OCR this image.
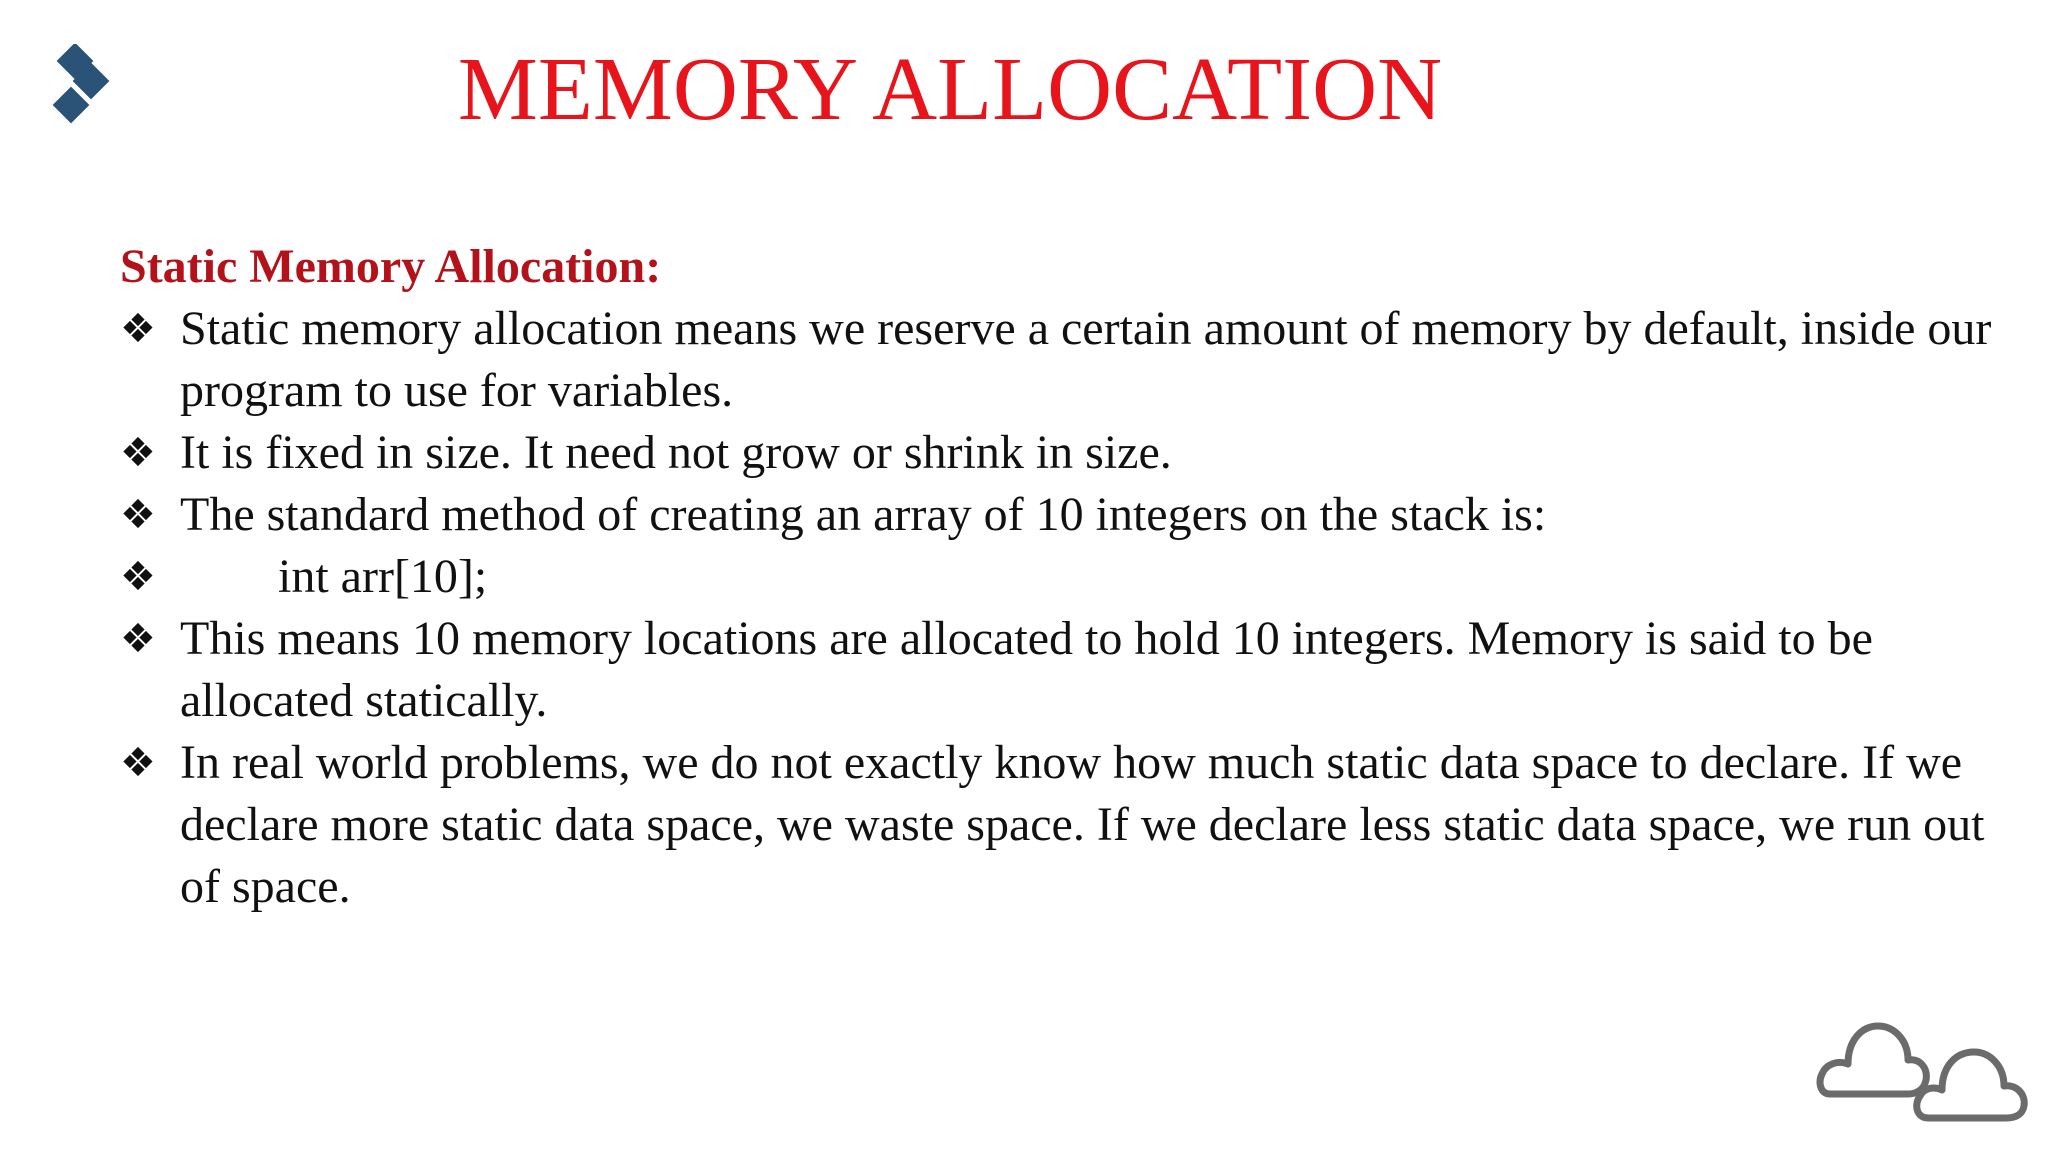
MEMORY ALLOCATION
Static Memory Allocation:
❖ Static memory allocation means we reserve a certain amount of memory by default, inside our program to use for variables.
❖ It is fixed in size. It need not grow or shrink in size.
❖ The standard method of creating an array of 10 integers on the stack is:
❖	int arr[10];
❖ This means 10 memory locations are allocated to hold 10 integers. Memory is said to be allocated statically.
❖ In real world problems, we do not exactly know how much static data space to declare. If we declare more static data space, we waste space. If we declare less static data space, we run out of space.
